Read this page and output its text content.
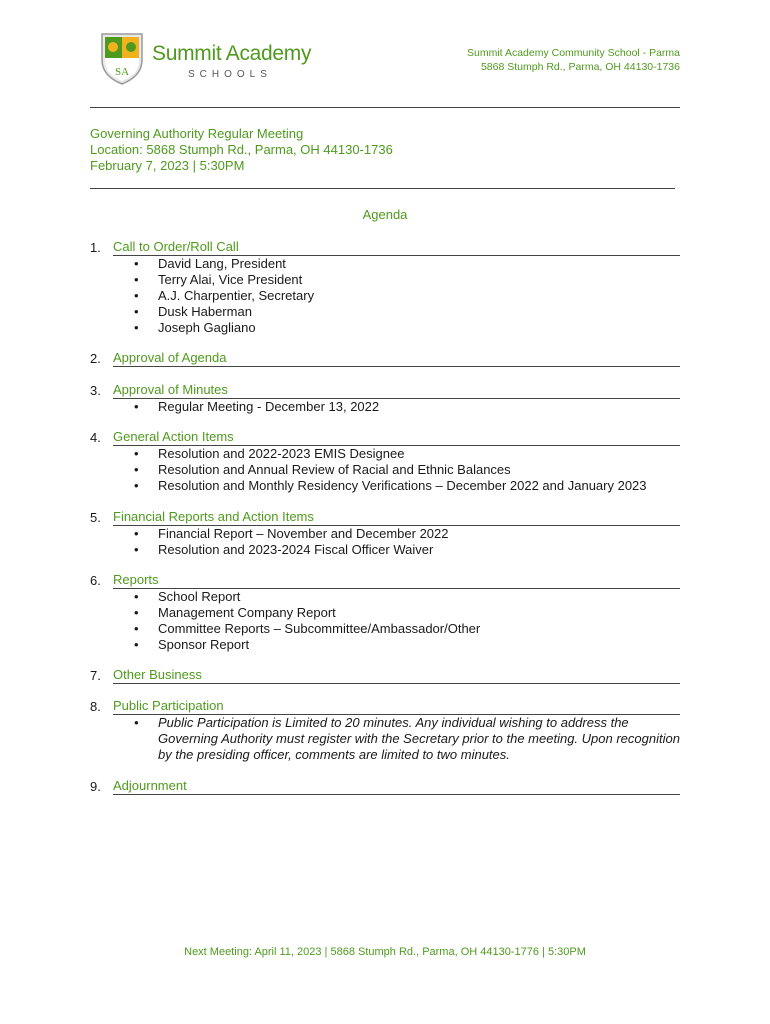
SA
Summit Academy
SCHOOLS
Summit Academy Community School - Parma
5868 Stumph Rd., Parma, OH 44130-1736
Governing Authority Regular Meeting
Location: 5868 Stumph Rd., Parma, OH 44130-1736
February 7, 2023 | 5:30PM
Agenda
1. Call to Order/Roll Call
• David Lang, President
• Terry Alai, Vice President
• A.J. Charpentier, Secretary
• Dusk Haberman
• Joseph Gagliano
2. Approval of Agenda
3. Approval of Minutes
• Regular Meeting - December 13, 2022
4. General Action Items
• Resolution and 2022-2023 EMIS Designee
• Resolution and Annual Review of Racial and Ethnic Balances
• Resolution and Monthly Residency Verifications – December 2022 and January 2023
5. Financial Reports and Action Items
• Financial Report – November and December 2022
• Resolution and 2023-2024 Fiscal Officer Waiver
6. Reports
• School Report
• Management Company Report
• Committee Reports – Subcommittee/Ambassador/Other
• Sponsor Report
7. Other Business
8. Public Participation
• Public Participation is Limited to 20 minutes. Any individual wishing to address the Governing Authority must register with the Secretary prior to the meeting. Upon recognition by the presiding officer, comments are limited to two minutes.
9. Adjournment
Next Meeting: April 11, 2023 | 5868 Stumph Rd., Parma, OH 44130-1776 | 5:30PM
